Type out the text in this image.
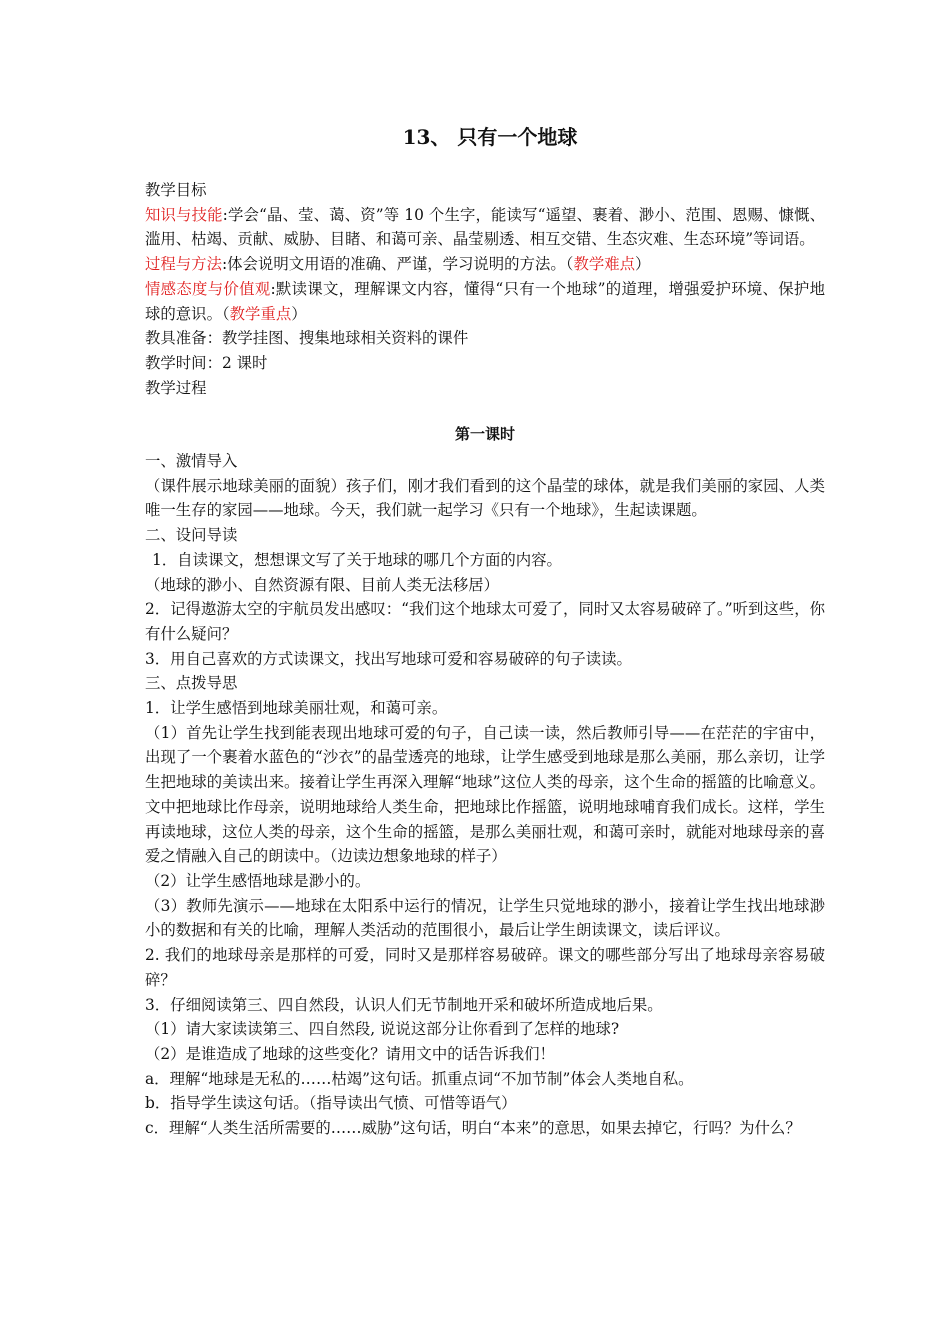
13、 只有一个地球

教学目标

知识与技能:学会“晶、莹、蔼、资”等 10 个生字，能读写“遥望、裹着、渺小、范围、恩赐、慷慨、滥用、枯竭、贡献、威胁、目睹、和蔼可亲、晶莹剔透、相互交错、生态灾难、生态环境”等词语。

过程与方法:体会说明文用语的准确、严谨，学习说明的方法。（教学难点）

情感态度与价值观:默读课文，理解课文内容，懂得“只有一个地球”的道理，增强爱护环境、保护地球的意识。（教学重点）

教具准备：教学挂图、搜集地球相关资料的课件

教学时间：2 课时

教学过程

第一课时

一、激情导入

（课件展示地球美丽的面貌）孩子们，刚才我们看到的这个晶莹的球体，就是我们美丽的家园、人类唯一生存的家园——地球。今天，我们就一起学习《只有一个地球》，生起读课题。

二、设问导读

1．自读课文，想想课文写了关于地球的哪几个方面的内容。

（地球的渺小、自然资源有限、目前人类无法移居）

2．记得遨游太空的宇航员发出感叹：“我们这个地球太可爱了，同时又太容易破碎了。”听到这些，你有什么疑问？

3．用自己喜欢的方式读课文，找出写地球可爱和容易破碎的句子读读。

三、点拨导思

1．让学生感悟到地球美丽壮观，和蔼可亲。

（1）首先让学生找到能表现出地球可爱的句子，自己读一读，然后教师引导——在茫茫的宇宙中，出现了一个裹着水蓝色的“沙衣”的晶莹透亮的地球，让学生感受到地球是那么美丽，那么亲切，让学生把地球的美读出来。接着让学生再深入理解“地球”这位人类的母亲，这个生命的摇篮的比喻意义。文中把地球比作母亲，说明地球给人类生命，把地球比作摇篮，说明地球哺育我们成长。这样，学生再读地球，这位人类的母亲，这个生命的摇篮，是那么美丽壮观，和蔼可亲时，就能对地球母亲的喜爱之情融入自己的朗读中。（边读边想象地球的样子）

（2）让学生感悟地球是渺小的。

（3）教师先演示——地球在太阳系中运行的情况，让学生只觉地球的渺小，接着让学生找出地球渺小的数据和有关的比喻，理解人类活动的范围很小，最后让学生朗读课文，读后评议。

2. 我们的地球母亲是那样的可爱，同时又是那样容易破碎。课文的哪些部分写出了地球母亲容易破碎？

3．仔细阅读第三、四自然段，认识人们无节制地开采和破坏所造成地后果。

（1）请大家读读第三、四自然段, 说说这部分让你看到了怎样的地球?

（2）是谁造成了地球的这些变化？请用文中的话告诉我们！

a．理解“地球是无私的……枯竭”这句话。抓重点词“不加节制”体会人类地自私。

b．指导学生读这句话。（指导读出气愤、可惜等语气）

c．理解“人类生活所需要的……威胁”这句话，明白“本来”的意思，如果去掉它，行吗？为什么？
